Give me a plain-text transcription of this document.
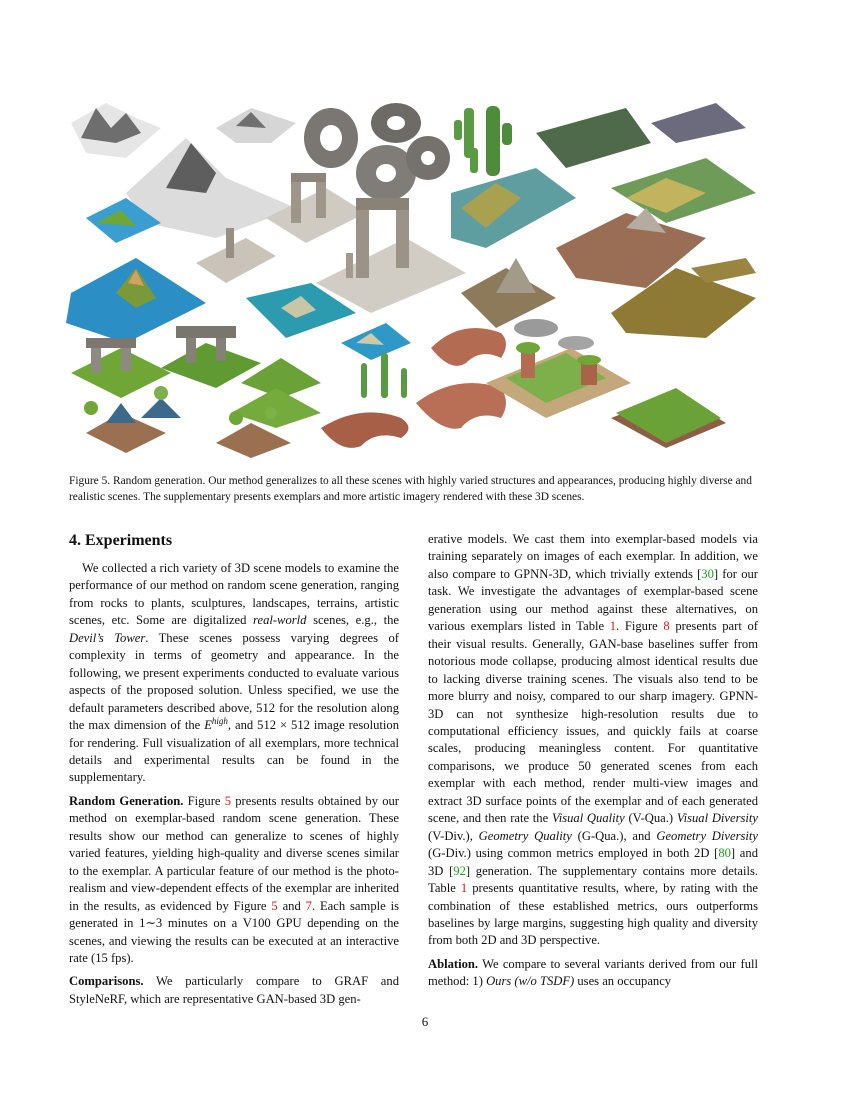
Figure 5. Random generation. Our method generalizes to all these scenes with highly varied structures and appearances, producing highly diverse and realistic scenes. The supplementary presents exemplars and more artistic imagery rendered with these 3D scenes.
4. Experiments

We collected a rich variety of 3D scene models to examine the performance of our method on random scene generation, ranging from rocks to plants, sculptures, landscapes, terrains, artistic scenes, etc. Some are digitalized real-world scenes, e.g., the Devil’s Tower. These scenes possess varying degrees of complexity in terms of geometry and appearance. In the following, we present experiments conducted to evaluate various aspects of the proposed solution. Unless specified, we use the default parameters described above, 512 for the resolution along the max dimension of the $E^{high}$, and 512 × 512 image resolution for rendering. Full visualization of all exemplars, more technical details and experimental results can be found in the supplementary.

Random Generation. Figure 5 presents results obtained by our method on exemplar-based random scene generation. These results show our method can generalize to scenes of highly varied features, yielding high-quality and diverse scenes similar to the exemplar. A particular feature of our method is the photo-realism and view-dependent effects of the exemplar are inherited in the results, as evidenced by Figure 5 and 7. Each sample is generated in 1∼3 minutes on a V100 GPU depending on the scenes, and viewing the results can be executed at an interactive rate (15 fps).

Comparisons. We particularly compare to GRAF and StyleNeRF, which are representative GAN-based 3D gen-

erative models. We cast them into exemplar-based models via training separately on images of each exemplar. In addition, we also compare to GPNN-3D, which trivially extends [30] for our task. We investigate the advantages of exemplar-based scene generation using our method against these alternatives, on various exemplars listed in Table 1. Figure 8 presents part of their visual results. Generally, GAN-base baselines suffer from notorious mode collapse, producing almost identical results due to lacking diverse training scenes. The visuals also tend to be more blurry and noisy, compared to our sharp imagery. GPNN-3D can not synthesize high-resolution results due to computational efficiency issues, and quickly fails at coarse scales, producing meaningless content. For quantitative comparisons, we produce 50 generated scenes from each exemplar with each method, render multi-view images and extract 3D surface points of the exemplar and of each generated scene, and then rate the Visual Quality (V-Qua.) Visual Diversity (V-Div.), Geometry Quality (G-Qua.), and Geometry Diversity (G-Div.) using common metrics employed in both 2D [80] and 3D [92] generation. The supplementary contains more details. Table 1 presents quantitative results, where, by rating with the combination of these established metrics, ours outperforms baselines by large margins, suggesting high quality and diversity from both 2D and 3D perspective.

Ablation. We compare to several variants derived from our full method: 1) Ours (w/o TSDF) uses an occupancy

6
